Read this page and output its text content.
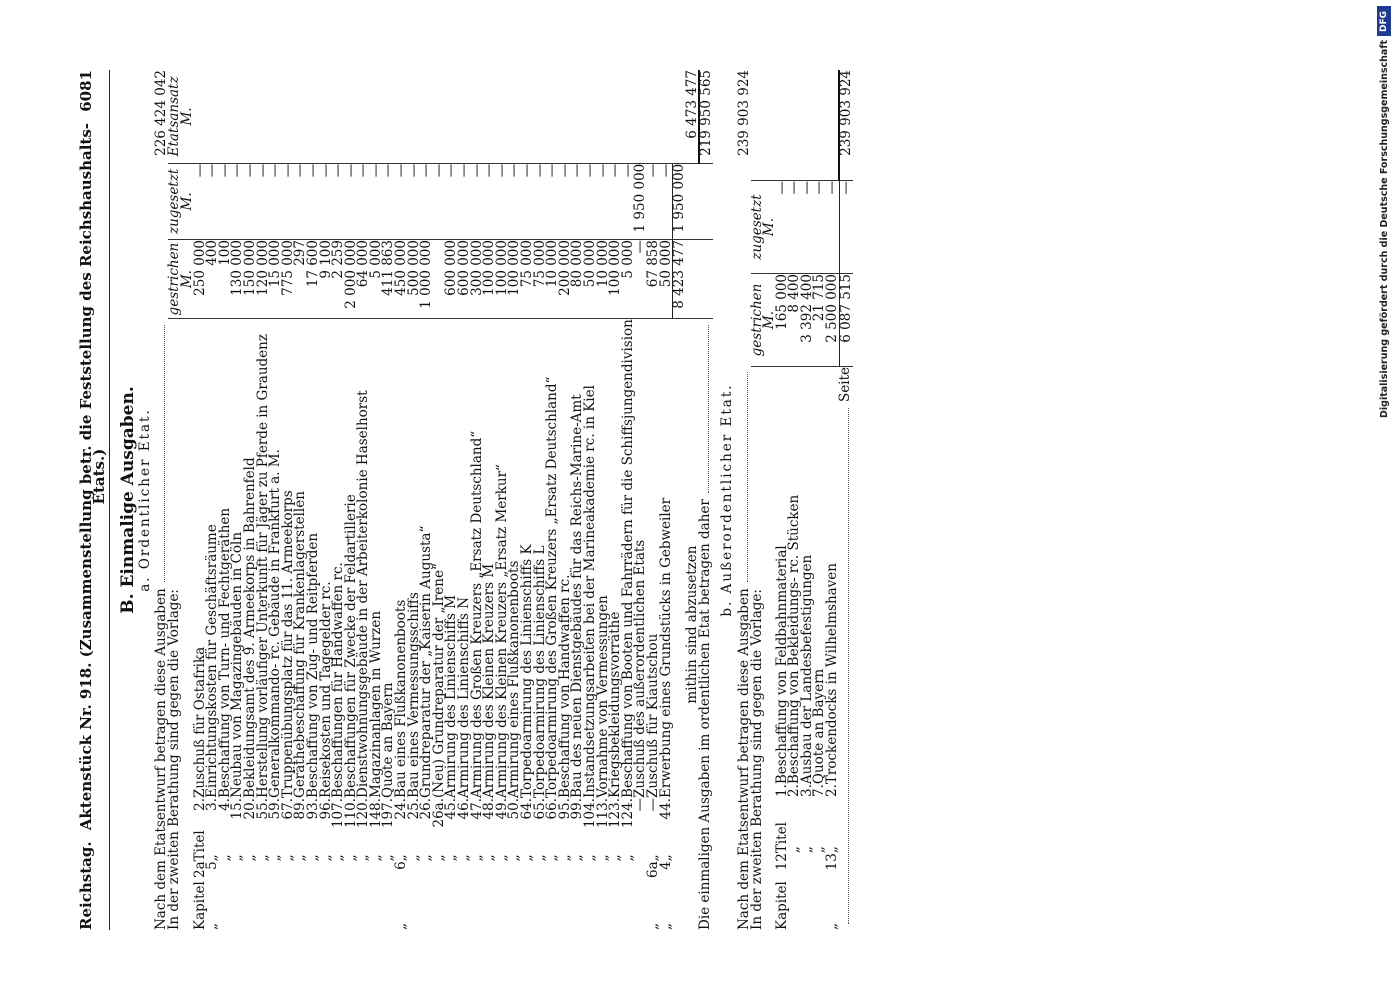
DFG
Digitalisierung gefördert durch die Deutsche Forschungsgemeinschaft
Reichstag.
Aktenstück Nr. 918. (Zusammenstellung betr. die Feststellung des Reichshaushalts-Etats.)
6081
B. Einmalige Ausgaben.
a. Ordentlicher Etat.
Nach dem Etatsentwurf betragen diese Ausgaben							226 424 042
In der zweiten Berathung sind gegen die Vorlage:					gestrichen
M.	zugesetzt
M.	Etatsansatz
M.
Kapitel	2a	Titel	2.	Zuschuß für Ostafrika	250 000	—	
„	5	„	3.	Einrichtungskosten für Geschäftsräume	400	—	
		„	4.	Beschaffung von Turn- und Fechtgeräthen	100	—	
		„	15.	Neubau von Magazingebäuden in Cöln	130 000	—	
		„	20.	Bekleidungsamt des 9. Armeekorps in Bahrenfeld	150 000	—	
		„	55.	Herstellung vorläufiger Unterkunft für Jäger zu Pferde in Graudenz	120 000	—	
		„	59.	Generalkommando- rc. Gebäude in Frankfurt a. M.	15 000	—	
		„	67.	Truppenübungsplatz für das 11. Armeekorps	775 000	—	
		„	89.	Geräthebeschaffung für Krankenlagerstellen	297	—	
		„	93.	Beschaffung von Zug- und Reitpferden	17 600	—	
		„	96.	Reisekosten und Tagegelder rc.	9 100	—	
		„	107.	Beschaffungen für Handwaffen rc.	2 259	—	
		„	110.	Beschaffungen für Zwecke der Feldartillerie	2 000 000	—	
		„	120.	Dienstwohnungsgebäude in der Arbeiterkolonie Haselhorst	64 000	—	
		„	148.	Magazinanlagen in Wurzen	5 000	—	
		„	197.	Quote an Bayern	411 863	—	
„	6	„	24.	Bau eines Flußkanonenboots	450 000	—	
		„	25.	Bau eines Vermessungsschiffs	500 000	—	
		„	26.	Grundreparatur der „Kaiserin Augusta“	1 000 000	—	
		„	26a.	(Neu) Grundreparatur der „Irene“		—	
		„	45.	Armirung des Linienschiffs M	600 000	—	
		„	46.	Armirung des Linienschiffs N	600 000	—	
		„	47.	Armirung des Großen Kreuzers „Ersatz Deutschland“	300 000	—	
		„	48.	Armirung des Kleinen Kreuzers M	100 000	—	
		„	49.	Armirung des Kleinen Kreuzers „Ersatz Merkur“	100 000	—	
		„	50.	Armirung eines Flußkanonenboots	100 000	—	
		„	64.	Torpedoarmirung des Linienschiffs K	75 000	—	
		„	65.	Torpedoarmirung des Linienschiffs L	75 000	—	
		„	66.	Torpedoarmirung des Großen Kreuzers „Ersatz Deutschland“	10 000	—	
		„	95.	Beschaffung von Handwaffen rc.	200 000	—	
		„	99.	Bau des neuen Dienstgebäudes für das Reichs-Marine-Amt	80 000	—	
		„	104.	Instandsetzungsarbeiten bei der Marineakademie rc. in Kiel	50 000	—	
		„	113.	Vornahme von Vermessungen	10 000	—	
		„	123.	Kriegsbekleidungsvorräthe	100 000	—	
		„	124.	Beschaffung von Booten und Fahrrädern für die Schiffsjungendivision	5 000	—	
			—	Zuschuß des außerordentlichen Etats	—	1 950 000	
„	6a	„	—	Zuschuß für Kiautschou	67 858	—	
„	4	„	44.	Erwerbung eines Grundstücks in Gebweiler	50 000	—	
					8 423 477	1 950 000	
mithin sind abzusetzen							6 473 477

Die einmaligen Ausgaben im ordentlichen Etat betragen daher							219 950 565
b. Außerordentlicher Etat.
Nach dem Etatsentwurf betragen diese Ausgaben							239 903 924
In der zweiten Berathung sind gegen die Vorlage:					gestrichen
M.	zugesetzt
M.	
Kapitel	12	Titel	1.	Beschaffung von Feldbahnmaterial	165 000	—	
		„	2.	Beschaffung von Bekleidungs- rc. Stücken	8 400	—	
		„	3.	Ausbau der Landesbefestigungen	3 392 400	—	
		„	7.	Quote an Bayern	21 715	—	
„	13	„	2.	Trockendocks in Wilhelmshaven	2 500 000	—	

Seite					6 087 515	—	239 903 924
